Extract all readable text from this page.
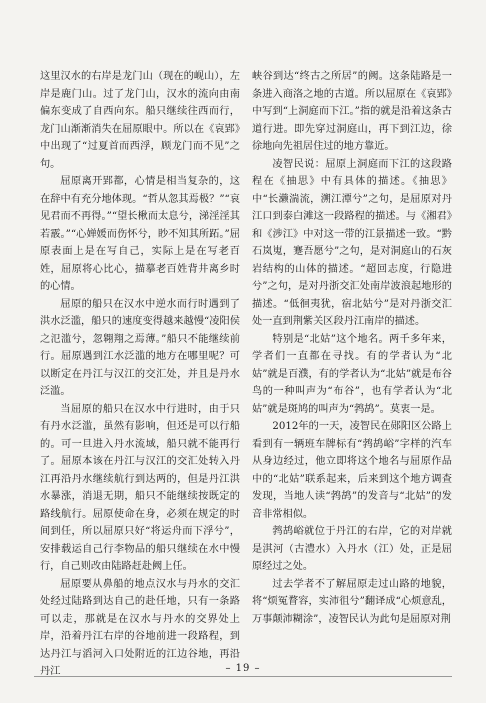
这里汉水的右岸是龙门山（现在的岘山），左岸是鹿门山。过了龙门山，汉水的流向由南偏东变成了自西向东。船只继续往西而行，龙门山渐渐消失在屈原眼中。所以在《哀郢》中出现了“过夏首而西浮，顾龙门而不见”之句。

屈原离开郢都，心情是相当复杂的，这在辞中有充分地体现。“哲从忽其焉极？”“哀见君而不再得。”“望长楸而太息兮，涕淫淫其若霰。”“心婵媛而伤怀兮，眇不知其所跖。”屈原表面上是在写自己，实际上是在写老百姓，屈原将心比心，描摹老百姓背井离乡时的心情。

屈原的船只在汉水中逆水而行时遇到了洪水泛滥，船只的速度变得越来越慢“凌阳侯之氾滥兮，忽翱翔之焉薄。”船只不能继续前行。屈原遇到江水泛滥的地方在哪里呢？可以断定在丹江与汉江的交汇处，并且是丹水泛滥。

当屈原的船只在汉水中行进时，由于只有丹水泛滥，虽然有影响，但还是可以行船的。可一旦进入丹水流域，船只就不能再行了。屈原本该在丹江与汉江的交汇处转入丹江再沿丹水继续航行到达两的，但是丹江洪水暴涨，消退无期，船只不能继续按既定的路线航行。屈原使命在身，必须在规定的时间到任，所以屈原只好“将运舟而下浮兮”，安排载运自己行李物品的船只继续在水中慢行，自己则改由陆路赶赴阙上任。

屈原要从鼻船的地点汉水与丹水的交汇处经过陆路到达自己的赴任地，只有一条路可以走，那就是在汉水与丹水的交界处上岸，沿着丹江右岸的谷地前进一段路程，到达丹江与滔河入口处附近的江边谷地，再沿丹江

峡谷到达“终古之所居”的阙。这条陆路是一条进入商洛之地的古道。所以屈原在《哀郢》中写到“上洞庭而下江。”指的就是沿着这条古道行进。即先穿过洞庭山，再下到江边，徐徐地向先祖居住过的地方靠近。

凌智民说：屈原上洞庭而下江的这段路程在《抽思》中有具体的描述。《抽思》中“长濑湍流，溯江潭兮”之句，是屈原对丹江口到泰白滩这一段路程的描述。与《湘君》和《涉江》中对这一带的江景描述一致。“黔石岚嵬，蹇吾愿兮”之句，是对洞庭山的石灰岩结构的山体的描述。“超回志度，行隐进兮”之句，是对丹浙交汇处南岸波浪起地形的描述。“低徊夷犹，宿北姑兮”是对丹浙交汇处一直到荆紫关区段丹江南岸的描述。

特别是“北姑”这个地名。两千多年来，学者们一直都在寻找。有的学者认为“北姑”就是百濮，有的学者认为“北姑”就是布谷鸟的一种叫声为“布谷”，也有学者认为“北姑”就是斑鸠的叫声为“鹁鸪”。莫衷一是。

2012年的一天，凌智民在郧阳区公路上看到有一辆班车牌标有“鹁鸪峪”字样的汽车从身边经过，他立即将这个地名与屈原作品中的“北姑”联系起来，后来到这个地方调查发现，当地人读“鹁鸪”的发音与“北姑”的发音非常相似。

鹁鸪峪就位于丹江的右岸，它的对岸就是淇河（古澧水）入丹水（江）处，正是屈原经过之处。

过去学者不了解屈原走过山路的地貌，将“烦冤瞀容，实沛徂兮”翻译成“心烦意乱，万事颠沛糊涂”，凌智民认为此句是屈原对荆

– 19 –
